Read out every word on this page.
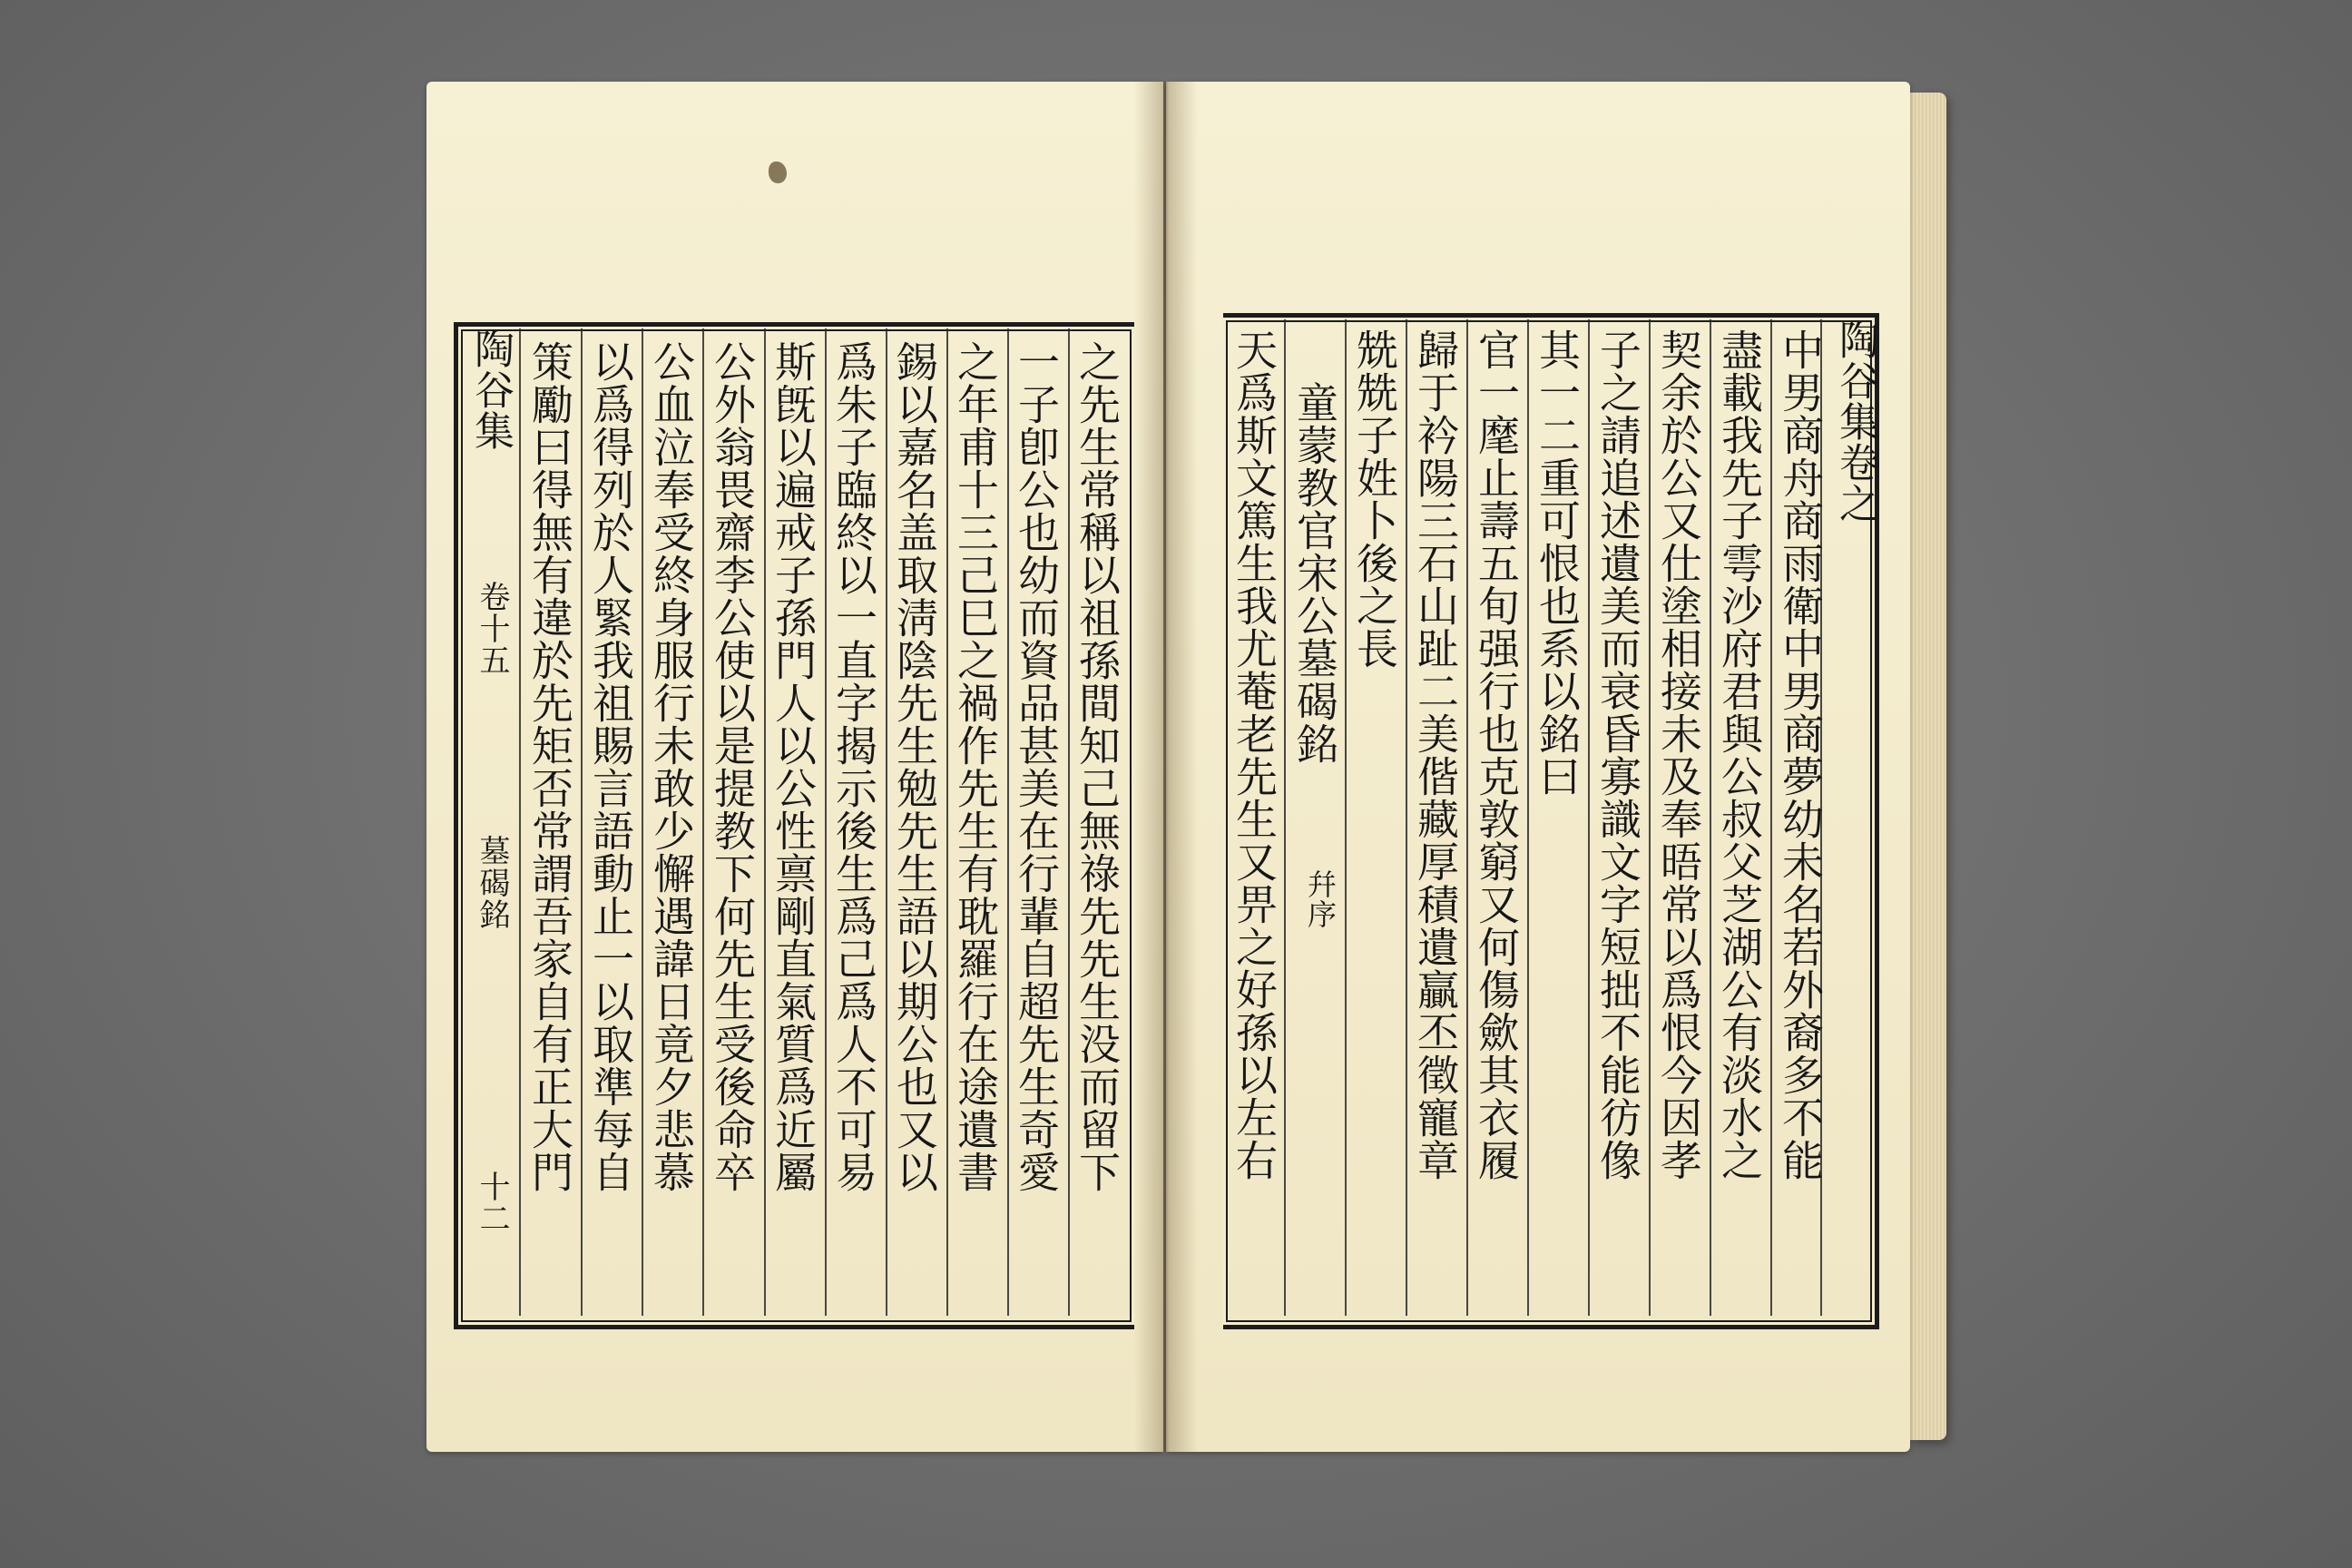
陶谷集
卷十五
墓碣銘
十二
之先生常稱以祖孫間知己無祿先先生没而留下
一子卽公也幼而資品甚美在行輩自超先生奇愛
之年甫十三己巳之禍作先生有耽羅行在途遺書
錫以嘉名盖取淸陰先生勉先生語以期公也又以
爲朱子臨終以一直字揭示後生爲己爲人不可易
斯旣以遍戒子孫門人以公性禀剛直氣質爲近屬
公外翁畏齋李公使以是提教下何先生受後命卒
公血泣奉受終身服行未敢少懈遇諱日竟夕悲慕
以爲得列於人緊我祖賜言語動止一以取準每自
策勵曰得無有違於先矩否常謂吾家自有正大門	陶谷集卷之
中男商舟商雨衛中男商夢幼未名若外裔多不能
盡載我先子雩沙府君與公叔父芝湖公有淡水之
契余於公又仕塗相接未及奉晤常以爲恨今因孝
子之請追述遺美而衰昏寡識文字短拙不能彷像
其一二重可恨也系以銘曰
官一麾止壽五旬强行也克敦窮又何傷歛其衣履
歸于衿陽三石山趾二美偕藏厚積遺贏丕徵寵章
兟兟子姓卜後之長
童蒙教官宋公墓碣銘
幷序
天爲斯文篤生我尤菴老先生又畀之好孫以左右
